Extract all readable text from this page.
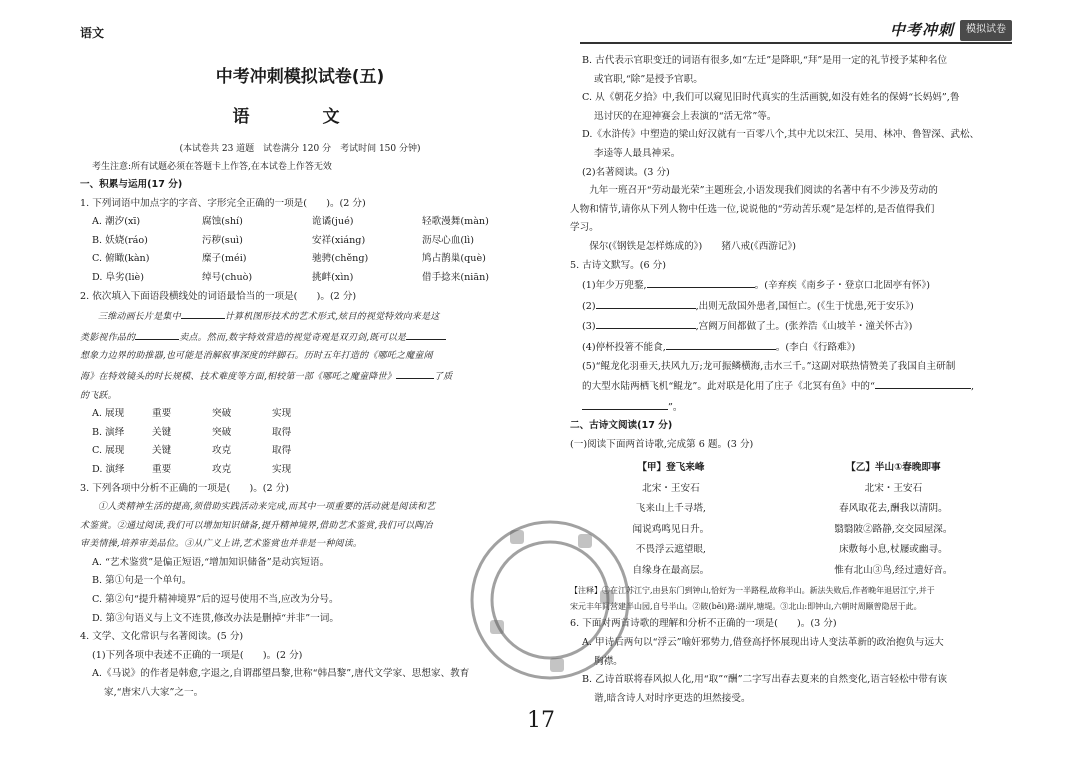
语文	中考冲刺	模拟试卷
中考冲刺模拟试卷(五)
语　文
(本试卷共 23 道题　试卷满分 120 分　考试时间 150 分钟)
考生注意:所有试题必须在答题卡上作答,在本试卷上作答无效
一、积累与运用(17 分)
1. 下列词语中加点字的字音、字形完全正确的一项是(　　)。(2 分)
A. 潮汐(xī)	腐蚀(shí)	诡谲(jué)	轻歌漫舞(màn)
B. 妖娆(ráo)	污秽(suì)	安祥(xiáng)	沥尽心血(lì)
C. 俯瞰(kàn)	糜子(méi)	驰骋(chěng)	鸠占鹊巢(què)
D. 阜劣(liè)	绰号(chuò)	挑衅(xìn)	借手捻来(niān)
2. 依次填入下面语段横线处的词语最恰当的一项是(　　)。(2 分)
三维动画长片是集中	计算机图形技术的艺术形式,炫目的视觉特效向来是这
类影视作品的	卖点。然而,数字特效营造的视觉奇观是双刃剑,既可以是
想象力边界的助推器,也可能是消解叙事深度的绊脚石。历时五年打造的《哪吒之魔童闹
海》在特效镜头的时长规模、技术难度等方面,相较第一部《哪吒之魔童降世》	了质
的飞跃。
A. 展现	重要	突破	实现
B. 演绎	关键	突破	取得
C. 展现	关键	攻克	取得
D. 演绎	重要	攻克	实现
3. 下列各项中分析不正确的一项是(　　)。(2 分)
①人类精神生活的提高,须借助实践活动来完成,而其中一项重要的活动就是阅读和艺
术鉴赏。②通过阅读,我们可以增加知识储备,提升精神境界,借助艺术鉴赏,我们可以陶冶
审美情操,培养审美品位。③从广义上讲,艺术鉴赏也并非是一种阅读。
A. “艺术鉴赏”是偏正短语,“增加知识储备”是动宾短语。
B. 第①句是一个单句。
C. 第②句“提升精神境界”后的逗号使用不当,应改为分号。
D. 第③句语义与上文不连贯,修改办法是删掉“并非”一词。
4. 文学、文化常识与名著阅读。(5 分)
(1)下列各项中表述不正确的一项是(　　)。(2 分)
A.《马说》的作者是韩愈,字退之,自谓郡望昌黎,世称“韩昌黎”,唐代文学家、思想家、教育
家,“唐宋八大家”之一。
B. 古代表示官职变迁的词语有很多,如“左迁”是降职,“拜”是用一定的礼节授予某种名位
或官职,“除”是授予官职。
C. 从《朝花夕拾》中,我们可以窥见旧时代真实的生活画貌,如没有姓名的保姆“长妈妈”,鲁
迅讨厌的在迎神赛会上表演的“活无常”等。
D.《水浒传》中塑造的梁山好汉就有一百零八个,其中尤以宋江、吴用、林冲、鲁智深、武松、
李逵等人最具神采。
(2)名著阅读。(3 分)
九年一班召开“劳动最光荣”主题班会,小语发现我们阅读的名著中有不少涉及劳动的
人物和情节,请你从下列人物中任选一位,说说他的“劳动苦乐观”是怎样的,是否值得我们
学习。
保尔(《钢铁是怎样炼成的》)　　猪八戒(《西游记》)
5. 古诗文默写。(6 分)
(1)年少万兜鍪,	。(辛弃疾《南乡子・登京口北固亭有怀》)
(2)	,出则无敌国外患者,国恒亡。(《生于忧患,死于安乐》)
(3)	,宫阙万间都做了土。(张养浩《山坡羊・潼关怀古》)
(4)停杯投箸不能食,	。(李白《行路难》)
(5)“鲲龙化羽垂天,扶风九万;龙可振鳞横海,击水三千。”这副对联热情赞美了我国自主研制
的大型水陆两栖飞机“鲲龙”。此对联是化用了庄子《北冥有鱼》中的“	,
”。
二、古诗文阅读(17 分)
(一)阅读下面两首诗歌,完成第 6 题。(3 分)
【甲】登飞来峰
北宋・王安石
飞来山上千寻塔,
闻说鸡鸣见日升。
不畏浮云遮望眼,
自缘身在最高层。
【乙】半山①春晚即事
北宋・王安石
春风取花去,酬我以清阴。
翳翳陂②路静,交交园屋深。
床敷每小息,杖屦或幽寻。
惟有北山③鸟,经过遗好音。
【注释】①在江苏江宁,由县东门到钟山,恰好为一半路程,故称半山。新法失败后,作者晚年退居江宁,并于
宋元丰年间营建半山园,自号半山。②陂(bēi)路:湖岸,塘堤。③北山:即钟山,六朝时周颙曾隐居于此。
6. 下面对两首诗歌的理解和分析不正确的一项是(　　)。(3 分)
A. 甲诗后两句以“浮云”喻奸邪势力,借登高抒怀展现出诗人变法革新的政治抱负与远大
胸襟。
B. 乙诗首联将春风拟人化,用“取”“酬”二字写出春去夏来的自然变化,语言轻松中带有诙
谐,暗含诗人对时序更迭的坦然接受。
17
